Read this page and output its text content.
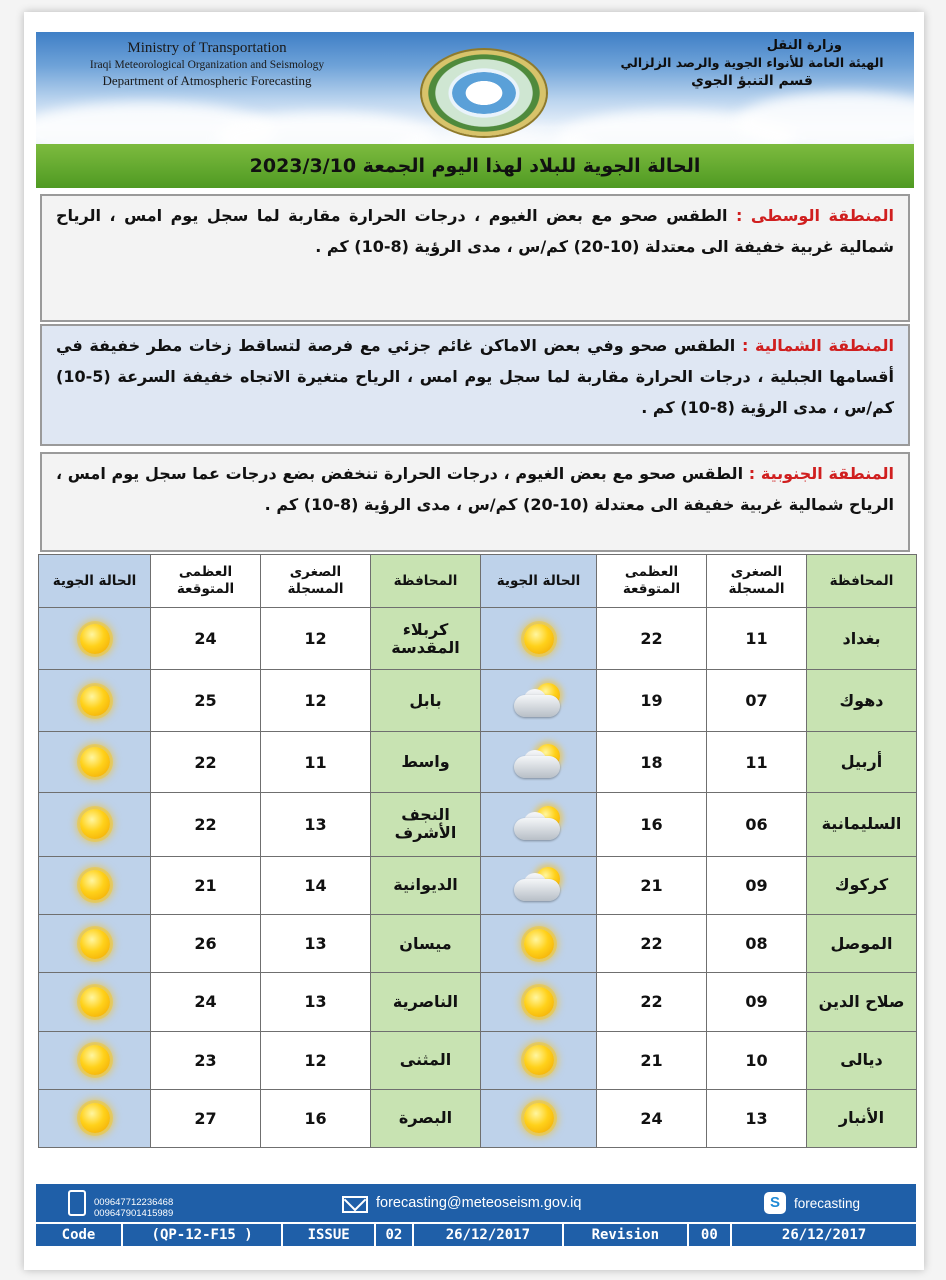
Ministry of Transportation
Iraqi Meteorological Organization and Seismology
Department of Atmospheric Forecasting
وزارة النقل
الهيئة العامة للأنواء الجوية والرصد الزلزالي
قسم التنبؤ الجوي
الحالة الجوية للبلاد لهذا اليوم الجمعة 2023/3/10
المنطقة الوسطى : الطقس صحو مع بعض الغيوم ، درجات الحرارة مقاربة لما سجل يوم امس ، الرياح شمالية غربية خفيفة الى معتدلة (10-20) كم/س ، مدى الرؤية (8-10) كم .
المنطقة الشمالية : الطقس صحو وفي بعض الاماكن غائم جزئي مع فرصة لتساقط زخات مطر خفيفة في أقسامها الجبلية ، درجات الحرارة مقاربة لما سجل يوم امس ، الرياح متغيرة الاتجاه خفيفة السرعة (5-10) كم/س ، مدى الرؤية (8-10) كم .
المنطقة الجنوبية : الطقس صحو مع بعض الغيوم ، درجات الحرارة تنخفض بضع درجات عما سجل يوم امس ، الرياح شمالية غربية خفيفة الى معتدلة (10-20) كم/س ، مدى الرؤية (8-10) كم .
المحافظة	الصغرى المسجلة	العظمى المتوقعة	الحالة الجوية	المحافظة	الصغرى المسجلة	العظمى المتوقعة	الحالة الجوية
بغداد	11	22		كربلاء المقدسة	12	24	

دهوك	07	19		بابل	12	25	

أربيل	11	18		واسط	11	22	

السليمانية	06	16		النجف الأشرف	13	22	

كركوك	09	21		الديوانية	14	21	

الموصل	08	22		ميسان	13	26	

صلاح الدين	09	22		الناصرية	13	24	

ديالى	10	21		المثنى	12	23	

الأنبار	13	24		البصرة	16	27	
009647712236468
009647901415989
forecasting@meteoseism.gov.iq	S	forecasting
Code	(QP-12-F15 )	ISSUE	02	26/12/2017	Revision	00	26/12/2017
